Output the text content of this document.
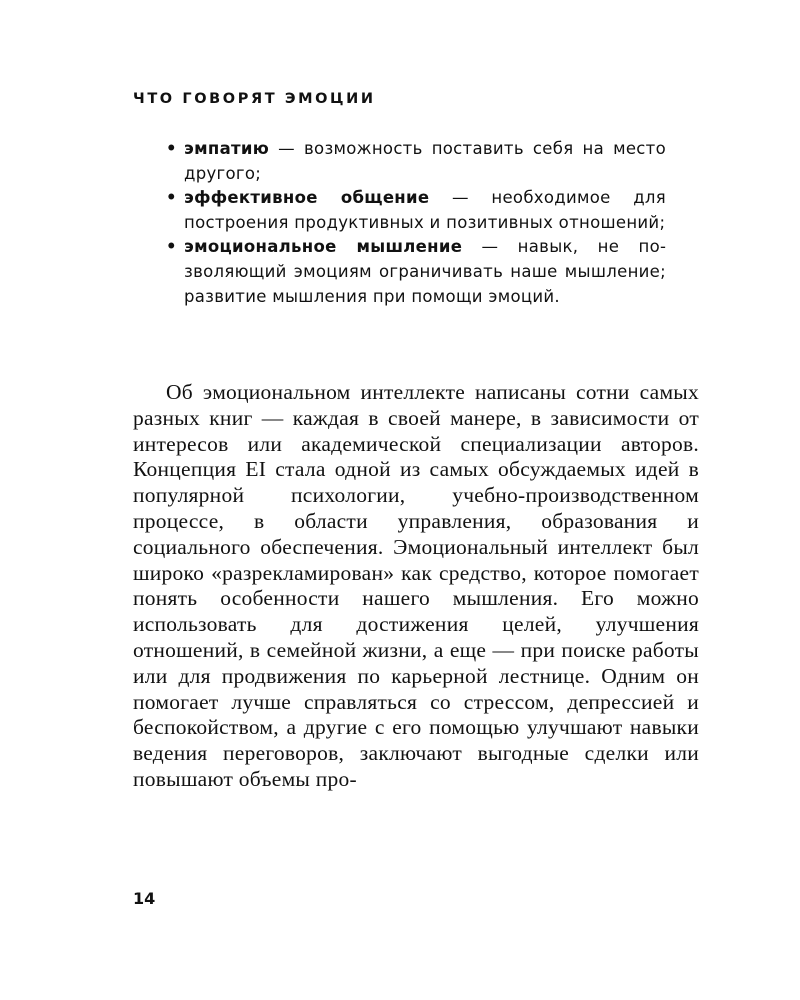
ЧТО ГОВОРЯТ ЭМОЦИИ
• эмпатию — возможность поставить себя на место другого;
• эффективное общение — необходимое для построения продуктивных и позитивных отношений;
• эмоциональное мышление — навык, не позволяющий эмоциям ограничивать наше мышление; развитие мышления при помощи эмоций.

Об эмоциональном интеллекте написаны сотни самых разных книг — каждая в своей манере, в зависимости от интересов или академической специализации авторов. Концепция EI стала одной из самых обсуждаемых идей в популярной психологии, учебно-производственном процессе, в области управления, образования и социального обеспечения. Эмоциональный интеллект был широко «разрекламирован» как средство, которое помогает понять особенности нашего мышления. Его можно использовать для достижения целей, улучшения отношений, в семейной жизни, а еще — при поиске работы или для продвижения по карьерной лестнице. Одним он помогает лучше справляться со стрессом, депрессией и беспокойством, а другие с его помощью улучшают навыки ведения переговоров, заключают выгодные сделки или повышают объемы про-

14
